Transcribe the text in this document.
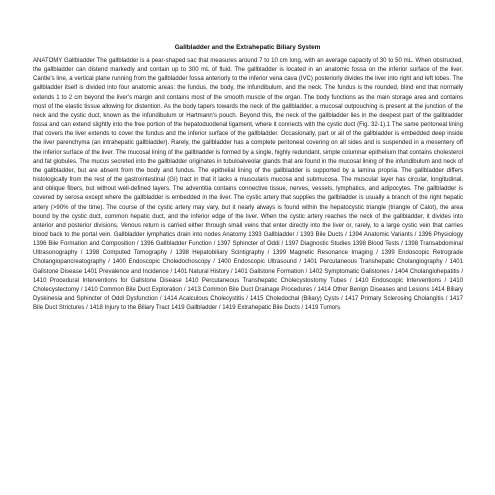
Gallbladder and the Extrahepatic Biliary System

ANATOMY Gallbladder The gallbladder is a pear-shaped sac that measures around 7 to 10 cm long, with an average capacity of 30 to 50 mL. When obstructed, the gallbladder can distend markedly and contain up to 300 mL of fluid. The gallbladder is located in an anatomic fossa on the inferior surface of the liver. Cantle's line, a vertical plane running from the gallbladder fossa anteriorly to the inferior vena cava (IVC) posteriorly divides the liver into right and left lobes. The gallbladder itself is divided into four anatomic areas: the fundus, the body, the infundibulum, and the neck. The fundus is the rounded, blind end that normally extends 1 to 2 cm beyond the liver's margin and contains most of the smooth muscle of the organ. The body functions as the main storage area and contains most of the elastic tissue allowing for distention. As the body tapers towards the neck of the gallbladder, a mucosal outpouching is present at the junction of the neck and the cystic duct, known as the infundibulum or Hartmann's pouch. Beyond this, the neck of the gallbladder lies in the deepest part of the gallbladder fossa and can extend slightly into the free portion of the hepatoduodenal ligament, where it connects with the cystic duct (Fig. 32-1).1 The same peritoneal lining that covers the liver extends to cover the fundus and the inferior surface of the gallbladder. Occasionally, part or all of the gallbladder is embedded deep inside the liver parenchyma (an intrahepatic gallbladder). Rarely, the gallbladder has a complete peritoneal covering on all sides and is suspended in a mesentery off the inferior surface of the liver. The mucosal lining of the gallbladder is formed by a single, highly redundant, simple columnar epithelium that contains cholesterol and fat globules. The mucus secreted into the gallbladder originates in tubuloalveolar glands that are found in the mucosal lining of the infundibulum and neck of the gallbladder, but are absent from the body and fundus. The epithelial lining of the gallbladder is supported by a lamina propria. The gallbladder differs histologically from the rest of the gastrointestinal (GI) tract in that it lacks a muscularis mucosa and submucosa. The muscular layer has circular, longitudinal, and oblique fibers, but without well-defined layers. The adventitia contains connective tissue, nerves, vessels, lymphatics, and adipocytes. The gallbladder is covered by serosa except where the gallbladder is embedded in the liver. The cystic artery that supplies the gallbladder is usually a branch of the right hepatic artery (>90% of the time). The course of the cystic artery may vary, but it nearly always is found within the hepatocystic triangle (triangle of Calot), the area bound by the cystic duct, common hepatic duct, and the inferior edge of the liver. When the cystic artery reaches the neck of the gallbladder, it divides into anterior and posterior divisions. Venous return is carried either through small veins that enter directly into the liver or, rarely, to a large cystic vein that carries blood back to the portal vein. Gallbladder lymphatics drain into nodes Anatomy 1393 Gallbladder / 1393 Bile Ducts / 1394 Anatomic Variants / 1396 Physiology 1396 Bile Formation and Composition / 1396 Gallbladder Function / 1397 Sphincter of Oddi / 1397 Diagnostic Studies 1398 Blood Tests / 1398 Transabdominal Ultrasonography / 1398 Computed Tomography / 1398 Hepatobiliary Scintigraphy / 1399 Magnetic Resonance Imaging / 1399 Endoscopic Retrograde Cholangiopancreatography / 1400 Endoscopic Choledochoscopy / 1400 Endoscopic Ultrasound / 1401 Percutaneous Transhepatic Cholangiography / 1401 Gallstone Disease 1401 Prevalence and Incidence / 1401 Natural History / 1401 Gallstone Formation / 1402 Symptomatic Gallstones / 1404 Cholangiohepatitis / 1410 Procedural Interventions for Gallstone Disease 1410 Percutaneous Transhepatic Cholecystostomy Tubes / 1410 Endoscopic Interventions / 1410 Cholecystectomy / 1410 Common Bile Duct Exploration / 1413 Common Bile Duct Drainage Procedures / 1414 Other Benign Diseases and Lesions 1414 Biliary Dyskinesia and Sphincter of Oddi Dysfunction / 1414 Acalculous Cholecystitis / 1415 Choledochal (Biliary) Cysts / 1417 Primary Sclerosing Cholangitis / 1417 Bile Duct Strictures / 1418 Injury to the Biliary Tract 1419 Gallbladder / 1419 Extrahepatic Bile Ducts / 1419 Tumors
